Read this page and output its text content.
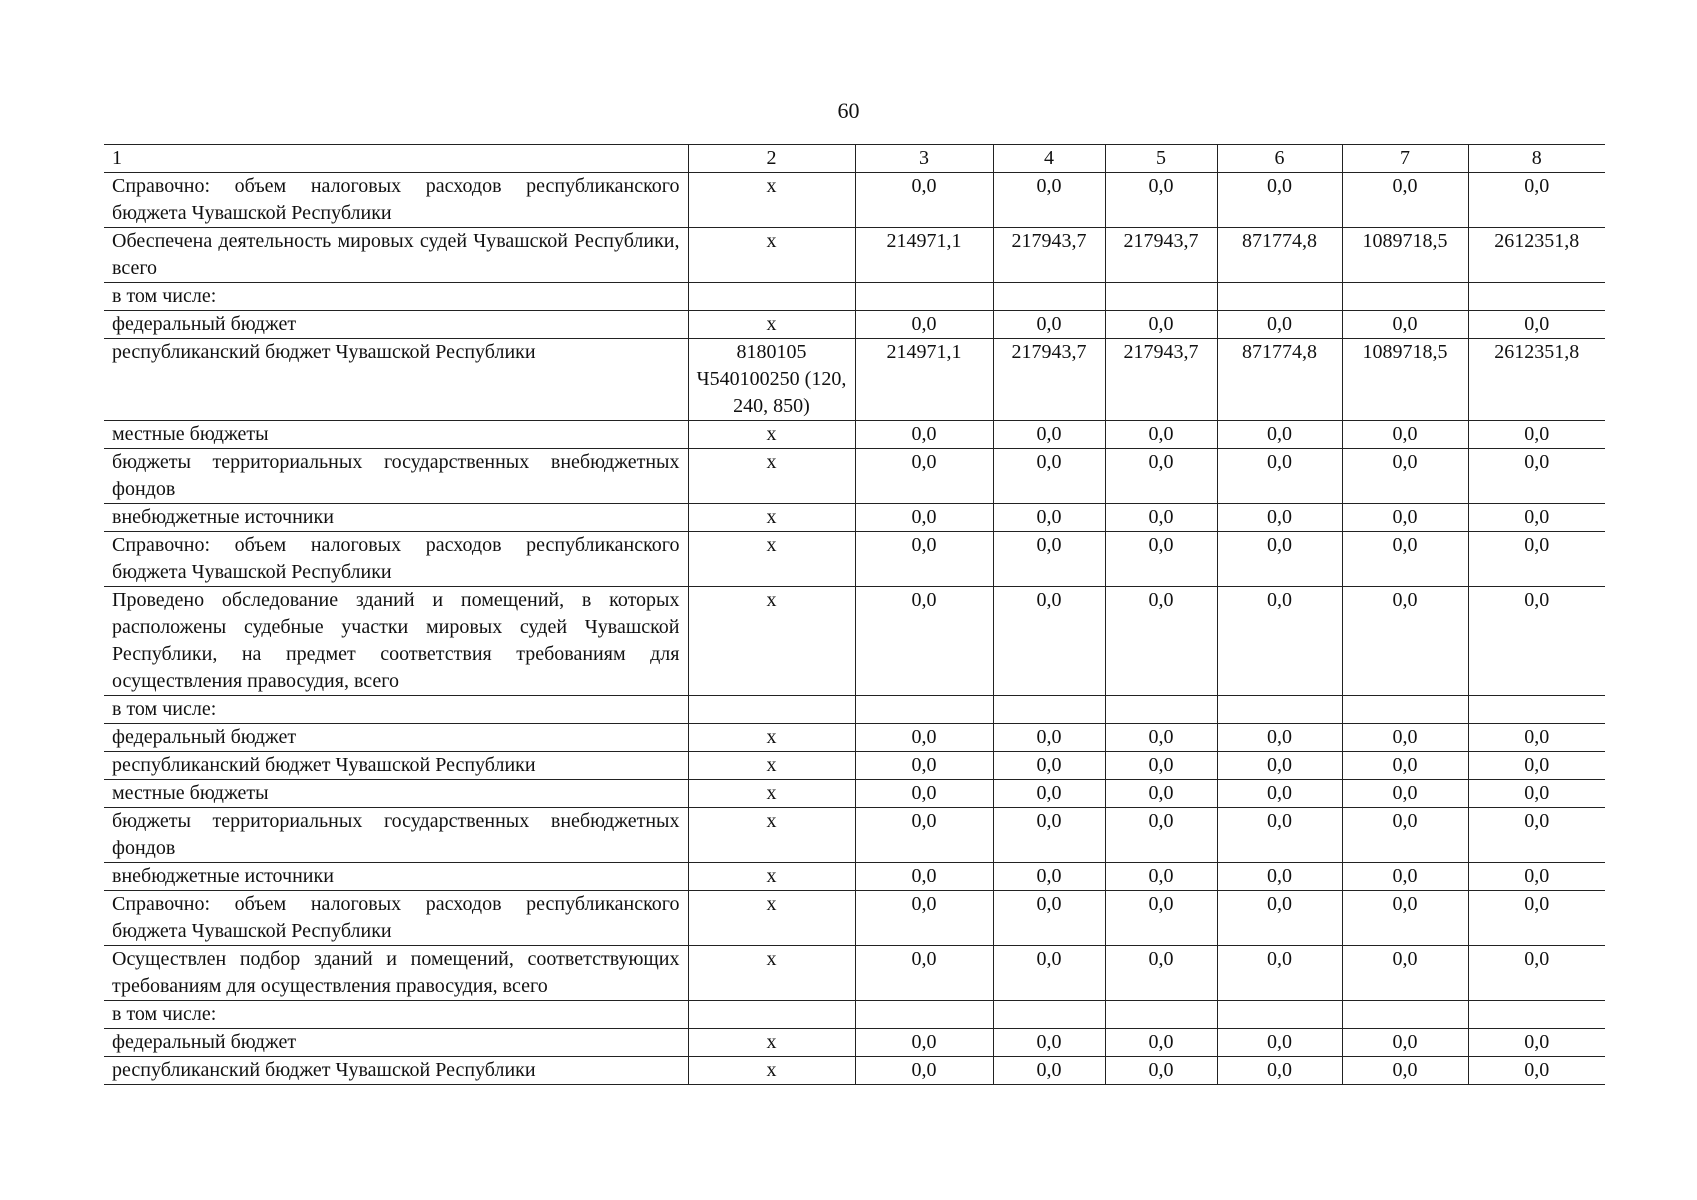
60
1	2	3	4	5	6	7	8
Справочно: объем налоговых расходов республиканского бюджета Чувашской Республики	х	0,0	0,0	0,0	0,0	0,0	0,0
Обеспечена деятельность мировых судей Чувашской Республики, всего	х	214971,1	217943,7	217943,7	871774,8	1089718,5	2612351,8
в том числе:							
федеральный бюджет	х	0,0	0,0	0,0	0,0	0,0	0,0
республиканский бюджет Чувашской Республики	8180105 Ч540100250 (120, 240, 850)	214971,1	217943,7	217943,7	871774,8	1089718,5	2612351,8
местные бюджеты	х	0,0	0,0	0,0	0,0	0,0	0,0
бюджеты территориальных государственных внебюджетных фондов	х	0,0	0,0	0,0	0,0	0,0	0,0
внебюджетные источники	х	0,0	0,0	0,0	0,0	0,0	0,0
Справочно: объем налоговых расходов республиканского бюджета Чувашской Республики	х	0,0	0,0	0,0	0,0	0,0	0,0
Проведено обследование зданий и помещений, в которых расположены судебные участки мировых судей Чувашской Республики, на предмет соответствия требованиям для осуществления правосудия, всего	х	0,0	0,0	0,0	0,0	0,0	0,0
в том числе:							
федеральный бюджет	х	0,0	0,0	0,0	0,0	0,0	0,0
республиканский бюджет Чувашской Республики	х	0,0	0,0	0,0	0,0	0,0	0,0
местные бюджеты	х	0,0	0,0	0,0	0,0	0,0	0,0
бюджеты территориальных государственных внебюджетных фондов	х	0,0	0,0	0,0	0,0	0,0	0,0
внебюджетные источники	х	0,0	0,0	0,0	0,0	0,0	0,0
Справочно: объем налоговых расходов республиканского бюджета Чувашской Республики	х	0,0	0,0	0,0	0,0	0,0	0,0
Осуществлен подбор зданий и помещений, соответствующих требованиям для осуществления правосудия, всего	х	0,0	0,0	0,0	0,0	0,0	0,0
в том числе:							
федеральный бюджет	х	0,0	0,0	0,0	0,0	0,0	0,0
республиканский бюджет Чувашской Республики	х	0,0	0,0	0,0	0,0	0,0	0,0
